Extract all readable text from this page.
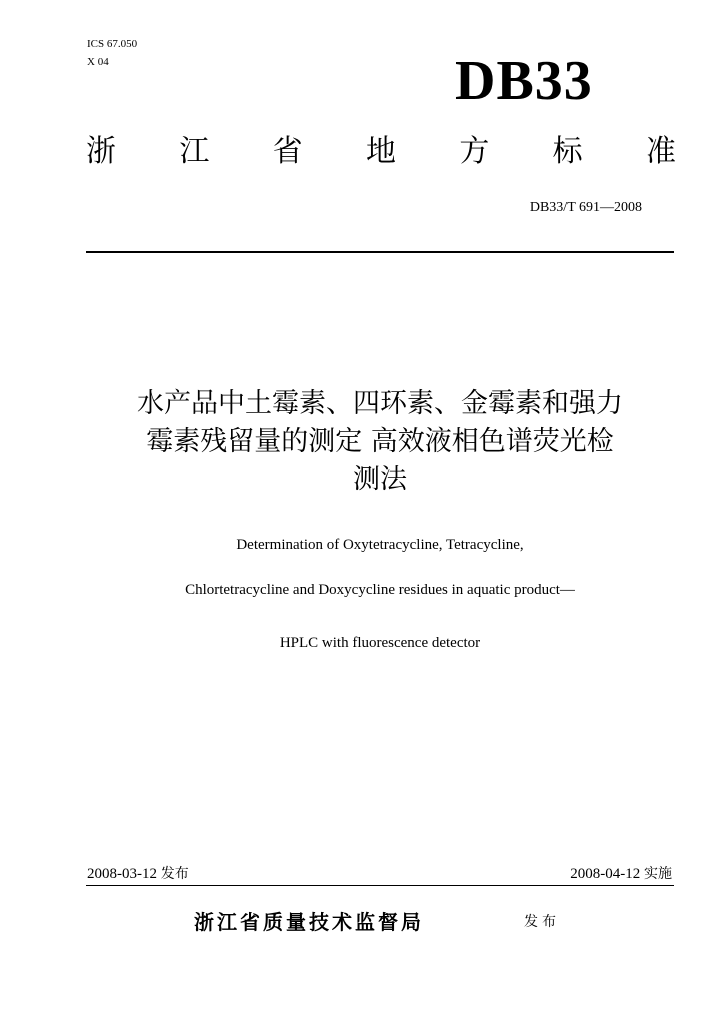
ICS 67.050
X 04	DB33
浙 江 省 地 方 标 准
DB33/T 691—2008
水产品中土霉素、四环素、金霉素和强力
霉素残留量的测定 高效液相色谱荧光检
测法
Determination of Oxytetracycline, Tetracycline,
Chlortetracycline and Doxycycline residues in aquatic product—
HPLC with fluorescence detector
2008-03-12 发布	2008-04-12 实施
浙江省质量技术监督局	发布
